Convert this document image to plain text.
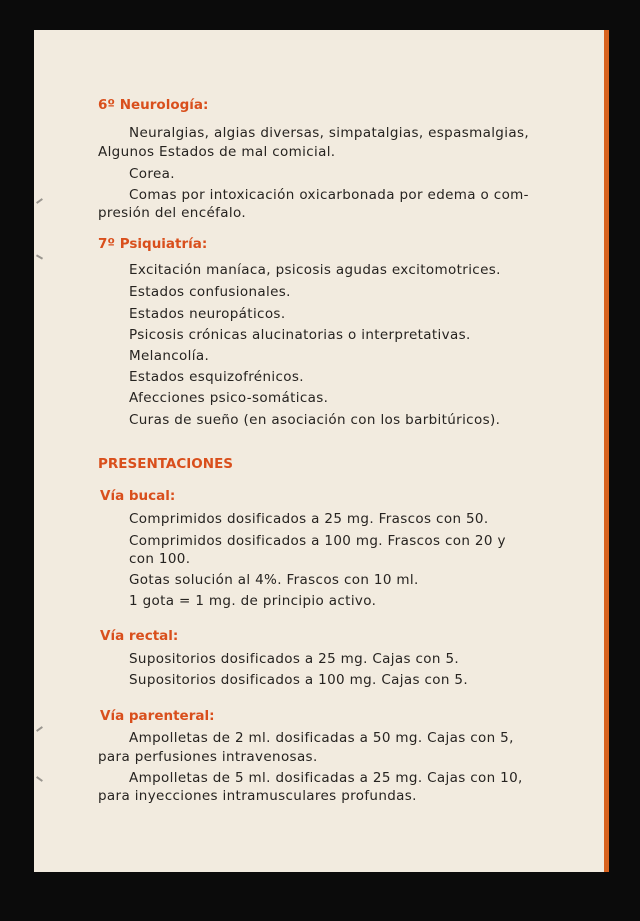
6º Neurología:

Neuralgias, algias diversas, simpatalgias, espasmalgias,

Algunos Estados de mal comicial.

Corea.

Comas por intoxicación oxicarbonada por edema o com-

presión del encéfalo.

7º Psiquiatría:

Excitación maníaca, psicosis agudas excitomotrices.

Estados confusionales.

Estados neuropáticos.

Psicosis crónicas alucinatorias o interpretativas.

Melancolía.

Estados esquizofrénicos.

Afecciones psico-somáticas.

Curas de sueño (en asociación con los barbitúricos).

PRESENTACIONES

Vía bucal:

Comprimidos dosificados a 25 mg. Frascos con 50.

Comprimidos dosificados a 100 mg. Frascos con 20 y

con 100.

Gotas solución al 4%. Frascos con 10 ml.

1 gota = 1 mg. de principio activo.

Vía rectal:

Supositorios dosificados a 25 mg. Cajas con 5.

Supositorios dosificados a 100 mg. Cajas con 5.

Vía parenteral:

Ampolletas de 2 ml. dosificadas a 50 mg. Cajas con 5,

para perfusiones intravenosas.

Ampolletas de 5 ml. dosificadas a 25 mg. Cajas con 10,

para inyecciones intramusculares profundas.
